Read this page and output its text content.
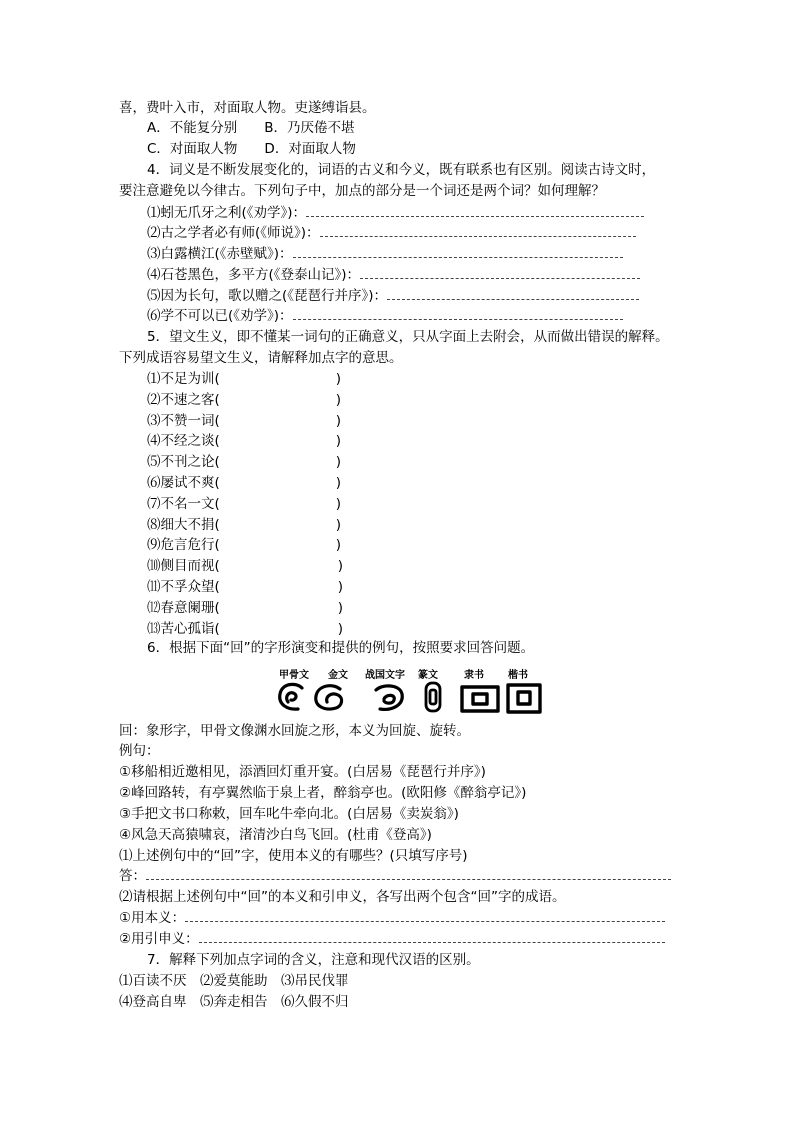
喜，费叶入市，对面取人物。吏遂缚诣县。
A．不能复分别　　B．乃厌倦不堪
C．对面取人物　　D．对面取人物
4．词义是不断发展变化的，词语的古义和今义，既有联系也有区别。阅读古诗文时，
要注意避免以今律古。下列句子中，加点的部分是一个词还是两个词？如何理解？
⑴蚓无爪牙之利(《劝学》)：
⑵古之学者必有师(《师说》)：
⑶白露横江(《赤壁赋》)：
⑷石苍黑色，多平方(《登泰山记》)：
⑸因为长句，歌以赠之(《琵琶行并序》)：
⑹学不可以已(《劝学》)：
5．望文生义，即不懂某一词句的正确意义，只从字面上去附会，从而做出错误的解释。
下列成语容易望文生义，请解释加点字的意思。
⑴不足为训(	)
⑵不速之客(	)
⑶不赞一词(	)
⑷不经之谈(	)
⑸不刊之论(	)
⑹屡试不爽(	)
⑺不名一文(	)
⑻细大不捐(	)
⑼危言危行(	)
⑽侧目而视(	)
⑾不孚众望(	)
⑿春意阑珊(	)
⒀苦心孤诣(	)
6．根据下面“回”的字形演变和提供的例句，按照要求回答问题。
甲骨文 金文 战国文字 篆文	隶书 楷书
回：象形字，甲骨文像渊水回旋之形，本义为回旋、旋转。
例句：
①移船相近邀相见，添酒回灯重开宴。(白居易《琵琶行并序》)
②峰回路转，有亭翼然临于泉上者，醉翁亭也。(欧阳修《醉翁亭记》)
③手把文书口称敕，回车叱牛牵向北。(白居易《卖炭翁》)
④风急天高猿啸哀，渚清沙白鸟飞回。(杜甫《登高》)
⑴上述例句中的“回”字，使用本义的有哪些？(只填写序号)
答：
⑵请根据上述例句中“回”的本义和引申义，各写出两个包含“回”字的成语。
①用本义：
②用引申义：
7．解释下列加点字词的含义，注意和现代汉语的区别。
⑴百读不厌　⑵爱莫能助　⑶吊民伐罪
⑷登高自卑　⑸奔走相告　⑹久假不归
